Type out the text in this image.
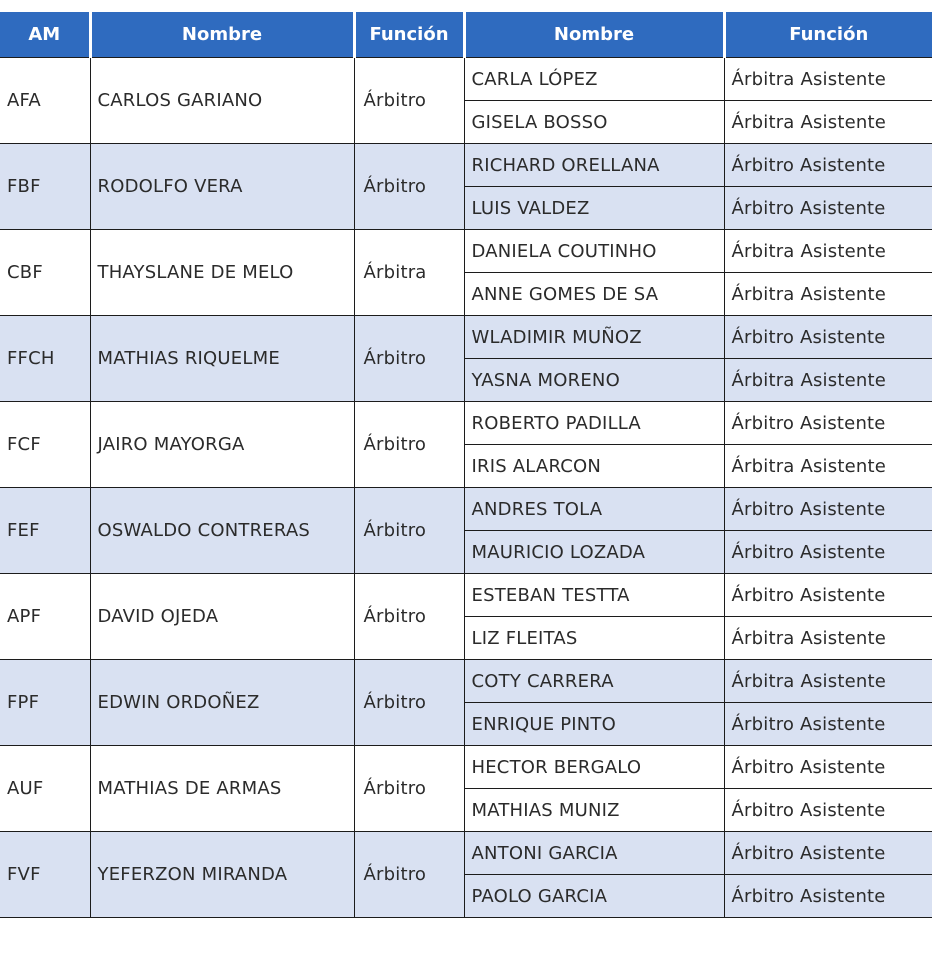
AM	Nombre	Función	Nombre	Función
AFA	CARLOS GARIANO	Árbitro	CARLA LÓPEZ	Árbitra Asistente
			GISELA BOSSO	Árbitra Asistente
FBF	RODOLFO VERA	Árbitro	RICHARD ORELLANA	Árbitro Asistente
			LUIS VALDEZ	Árbitro Asistente
CBF	THAYSLANE DE MELO	Árbitra	DANIELA COUTINHO	Árbitra Asistente
			ANNE GOMES DE SA	Árbitra Asistente
FFCH	MATHIAS RIQUELME	Árbitro	WLADIMIR MUÑOZ	Árbitro Asistente
			YASNA MORENO	Árbitra Asistente
FCF	JAIRO MAYORGA	Árbitro	ROBERTO PADILLA	Árbitro Asistente
			IRIS ALARCON	Árbitra Asistente
FEF	OSWALDO CONTRERAS	Árbitro	ANDRES TOLA	Árbitro Asistente
			MAURICIO LOZADA	Árbitro Asistente
APF	DAVID OJEDA	Árbitro	ESTEBAN TESTTA	Árbitro Asistente
			LIZ FLEITAS	Árbitra Asistente
FPF	EDWIN ORDOÑEZ	Árbitro	COTY CARRERA	Árbitra Asistente
			ENRIQUE PINTO	Árbitro Asistente
AUF	MATHIAS DE ARMAS	Árbitro	HECTOR BERGALO	Árbitro Asistente
			MATHIAS MUNIZ	Árbitro Asistente
FVF	YEFERZON MIRANDA	Árbitro	ANTONI GARCIA	Árbitro Asistente
			PAOLO GARCIA	Árbitro Asistente
